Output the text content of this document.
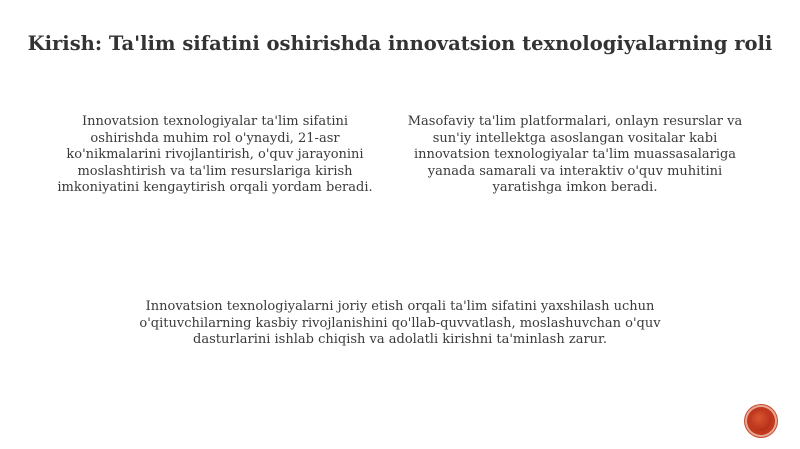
Kirish: Ta'lim sifatini oshirishda innovatsion texnologiyalarning roli
Innovatsion texnologiyalar ta'lim sifatini oshirishda muhim rol o'ynaydi, 21-asr ko'nikmalarini rivojlantirish, o'quv jarayonini moslashtirish va ta'lim resurslariga kirish imkoniyatini kengaytirish orqali yordam beradi.
Masofaviy ta'lim platformalari, onlayn resurslar va sun'iy intellektga asoslangan vositalar kabi innovatsion texnologiyalar ta'lim muassasalariga yanada samarali va interaktiv o'quv muhitini yaratishga imkon beradi.
Innovatsion texnologiyalarni joriy etish orqali ta'lim sifatini yaxshilash uchun o'qituvchilarning kasbiy rivojlanishini qo'llab-quvvatlash, moslashuvchan o'quv dasturlarini ishlab chiqish va adolatli kirishni ta'minlash zarur.
